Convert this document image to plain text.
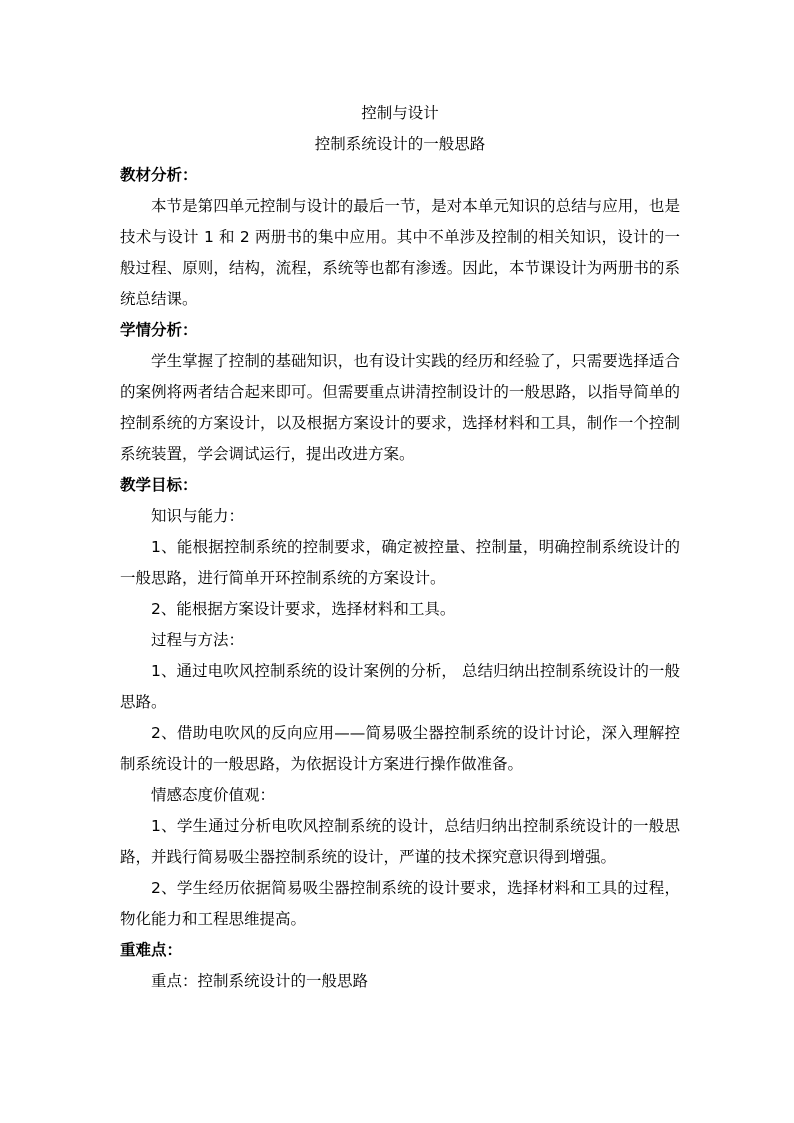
控制与设计

控制系统设计的一般思路

教材分析：

本节是第四单元控制与设计的最后一节，是对本单元知识的总结与应用，也是技术与设计 1 和 2 两册书的集中应用。其中不单涉及控制的相关知识，设计的一般过程、原则，结构，流程，系统等也都有渗透。因此，本节课设计为两册书的系统总结课。

学情分析：

学生掌握了控制的基础知识，也有设计实践的经历和经验了，只需要选择适合的案例将两者结合起来即可。但需要重点讲清控制设计的一般思路，以指导简单的控制系统的方案设计，以及根据方案设计的要求，选择材料和工具，制作一个控制系统装置，学会调试运行，提出改进方案。

教学目标：

知识与能力：

1、能根据控制系统的控制要求，确定被控量、控制量，明确控制系统设计的一般思路，进行简单开环控制系统的方案设计。

2、能根据方案设计要求，选择材料和工具。

过程与方法：

1、通过电吹风控制系统的设计案例的分析， 总结归纳出控制系统设计的一般思路。

2、借助电吹风的反向应用——简易吸尘器控制系统的设计讨论，深入理解控制系统设计的一般思路，为依据设计方案进行操作做准备。

情感态度价值观：

1、学生通过分析电吹风控制系统的设计，总结归纳出控制系统设计的一般思路，并践行简易吸尘器控制系统的设计，严谨的技术探究意识得到增强。

2、学生经历依据简易吸尘器控制系统的设计要求，选择材料和工具的过程，物化能力和工程思维提高。

重难点：

重点：控制系统设计的一般思路
